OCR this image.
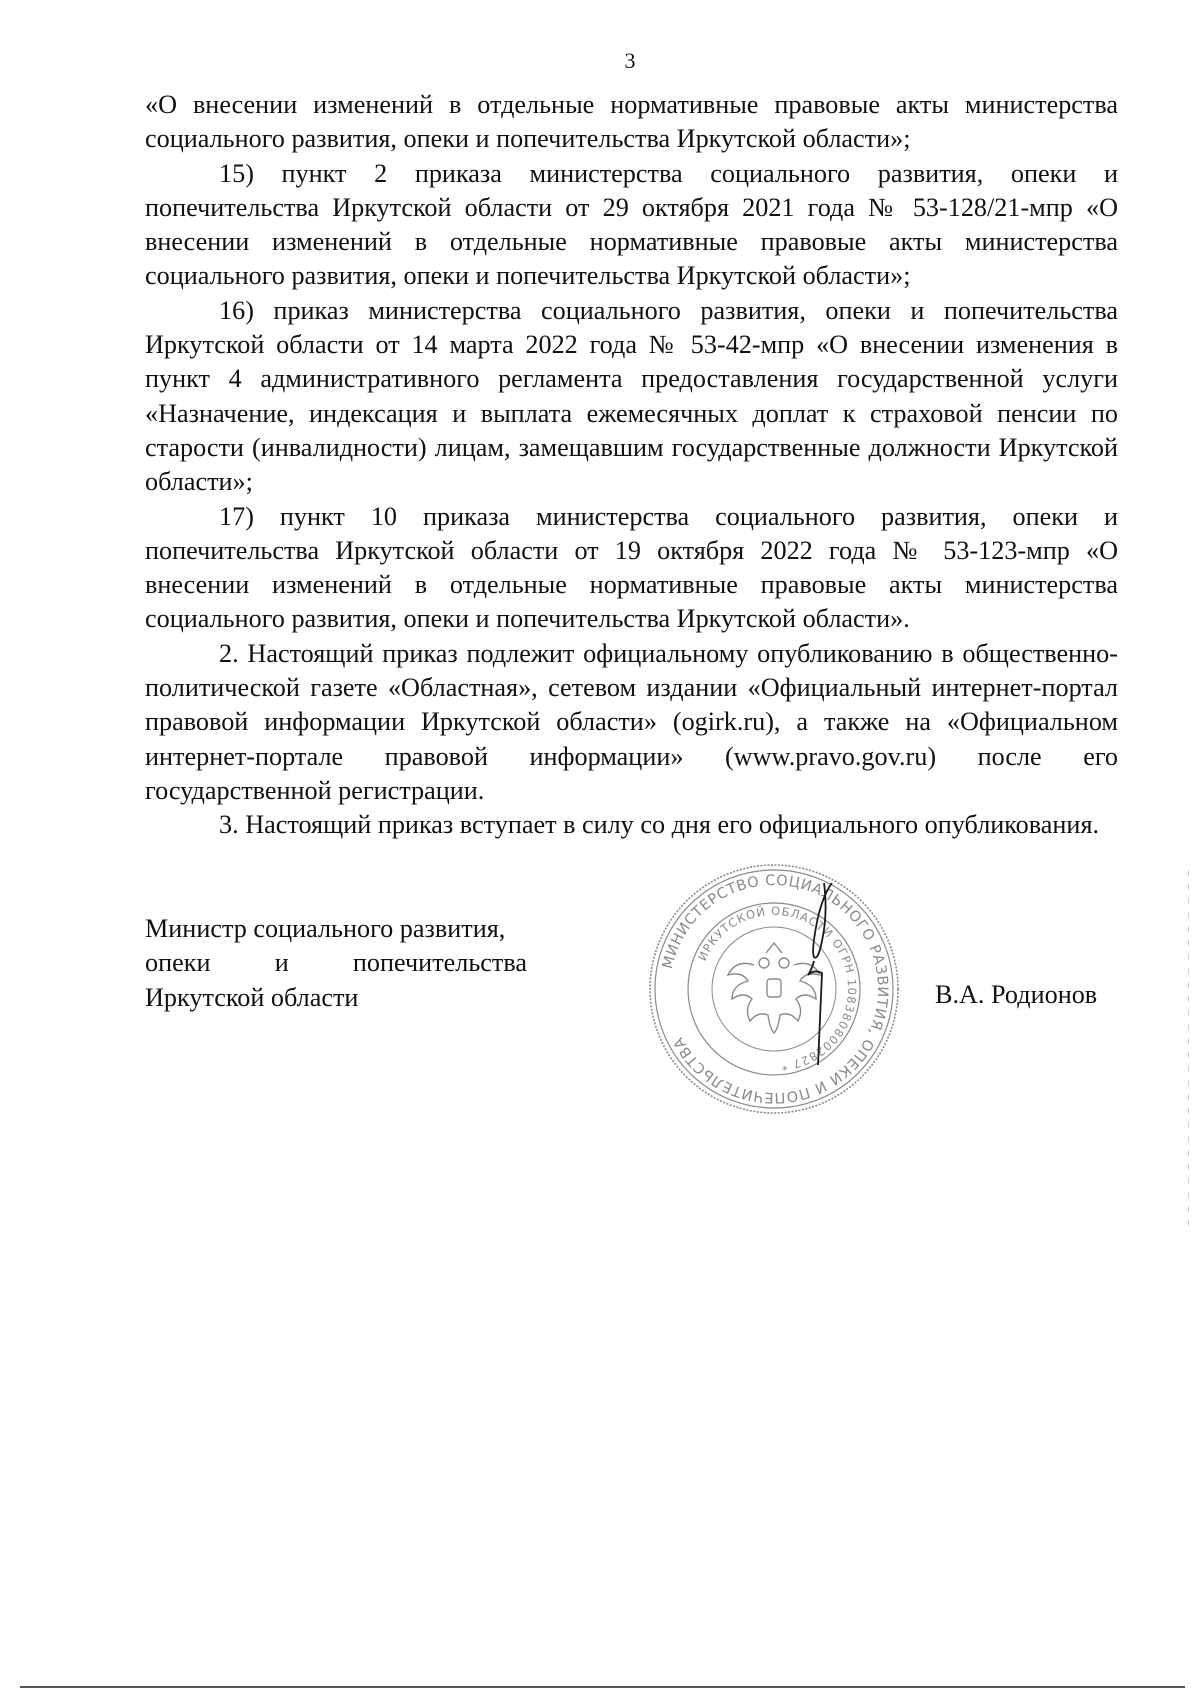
3

«О внесении изменений в отдельные нормативные правовые акты министерства социального развития, опеки и попечительства Иркутской области»;

15) пункт 2 приказа министерства социального развития, опеки и попечительства Иркутской области от 29 октября 2021 года № 53-128/21-мпр «О внесении изменений в отдельные нормативные правовые акты министерства социального развития, опеки и попечительства Иркутской области»;

16) приказ министерства социального развития, опеки и попечительства Иркутской области от 14 марта 2022 года № 53-42-мпр «О внесении изменения в пункт 4 административного регламента предоставления государственной услуги «Назначение, индексация и выплата ежемесячных доплат к страховой пенсии по старости (инвалидности) лицам, замещавшим государственные должности Иркутской области»;

17) пункт 10 приказа министерства социального развития, опеки и попечительства Иркутской области от 19 октября 2022 года № 53-123-мпр «О внесении изменений в отдельные нормативные правовые акты министерства социального развития, опеки и попечительства Иркутской области».

2. Настоящий приказ подлежит официальному опубликованию в общественно-политической газете «Областная», сетевом издании «Официальный интернет-портал правовой информации Иркутской области» (ogirk.ru), а также на «Официальном интернет-портале правовой информации» (www.pravo.gov.ru) после его государственной регистрации.

3. Настоящий приказ вступает в силу со дня его официального опубликования.

Министр социального развития,
опеки и попечительства
Иркутской области
МИНИСТЕРСТВО СОЦИАЛЬНОГО РАЗВИТИЯ, ОПЕКИ И ПОПЕЧИТЕЛЬСТВА
ИРКУТСКОЙ ОБЛАСТИ ОГРН 1083808002827 *
В.А. Родионов
